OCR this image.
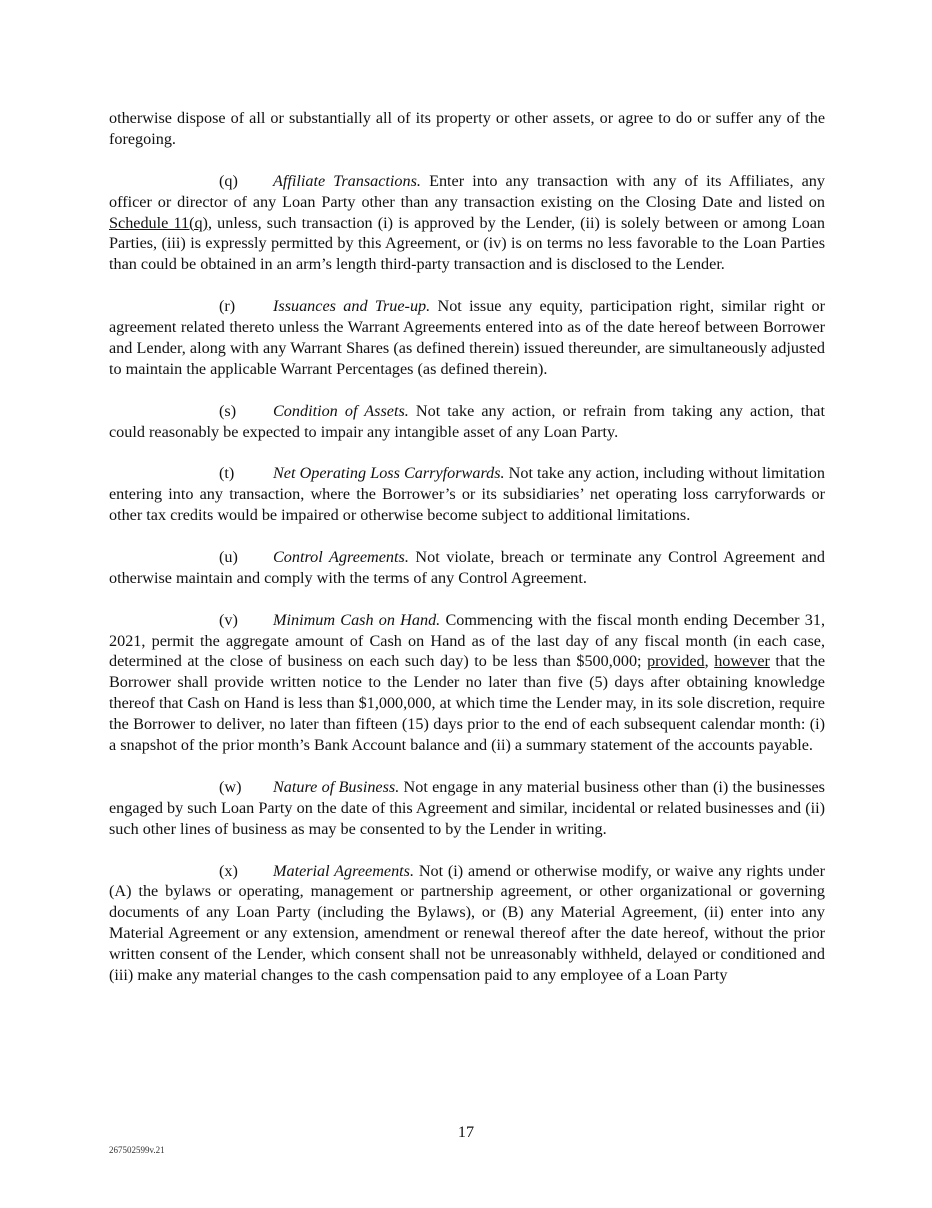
otherwise dispose of all or substantially all of its property or other assets, or agree to do or suffer any of the foregoing.

(q) Affiliate Transactions. Enter into any transaction with any of its Affiliates, any officer or director of any Loan Party other than any transaction existing on the Closing Date and listed on Schedule 11(q), unless, such transaction (i) is approved by the Lender, (ii) is solely between or among Loan Parties, (iii) is expressly permitted by this Agreement, or (iv) is on terms no less favorable to the Loan Parties than could be obtained in an arm’s length third-party transaction and is disclosed to the Lender.

(r) Issuances and True-up. Not issue any equity, participation right, similar right or agreement related thereto unless the Warrant Agreements entered into as of the date hereof between Borrower and Lender, along with any Warrant Shares (as defined therein) issued thereunder, are simultaneously adjusted to maintain the applicable Warrant Percentages (as defined therein).

(s) Condition of Assets. Not take any action, or refrain from taking any action, that could reasonably be expected to impair any intangible asset of any Loan Party.

(t) Net Operating Loss Carryforwards. Not take any action, including without limitation entering into any transaction, where the Borrower’s or its subsidiaries’ net operating loss carryforwards or other tax credits would be impaired or otherwise become subject to additional limitations.

(u) Control Agreements. Not violate, breach or terminate any Control Agreement and otherwise maintain and comply with the terms of any Control Agreement.

(v) Minimum Cash on Hand. Commencing with the fiscal month ending December 31, 2021, permit the aggregate amount of Cash on Hand as of the last day of any fiscal month (in each case, determined at the close of business on each such day) to be less than $500,000; provided, however that the Borrower shall provide written notice to the Lender no later than five (5) days after obtaining knowledge thereof that Cash on Hand is less than $1,000,000, at which time the Lender may, in its sole discretion, require the Borrower to deliver, no later than fifteen (15) days prior to the end of each subsequent calendar month: (i) a snapshot of the prior month’s Bank Account balance and (ii) a summary statement of the accounts payable.

(w) Nature of Business. Not engage in any material business other than (i) the businesses engaged by such Loan Party on the date of this Agreement and similar, incidental or related businesses and (ii) such other lines of business as may be consented to by the Lender in writing.

(x) Material Agreements. Not (i) amend or otherwise modify, or waive any rights under (A) the bylaws or operating, management or partnership agreement, or other organizational or governing documents of any Loan Party (including the Bylaws), or (B) any Material Agreement, (ii) enter into any Material Agreement or any extension, amendment or renewal thereof after the date hereof, without the prior written consent of the Lender, which consent shall not be unreasonably withheld, delayed or conditioned and (iii) make any material changes to the cash compensation paid to any employee of a Loan Party

17
267502599v.21
